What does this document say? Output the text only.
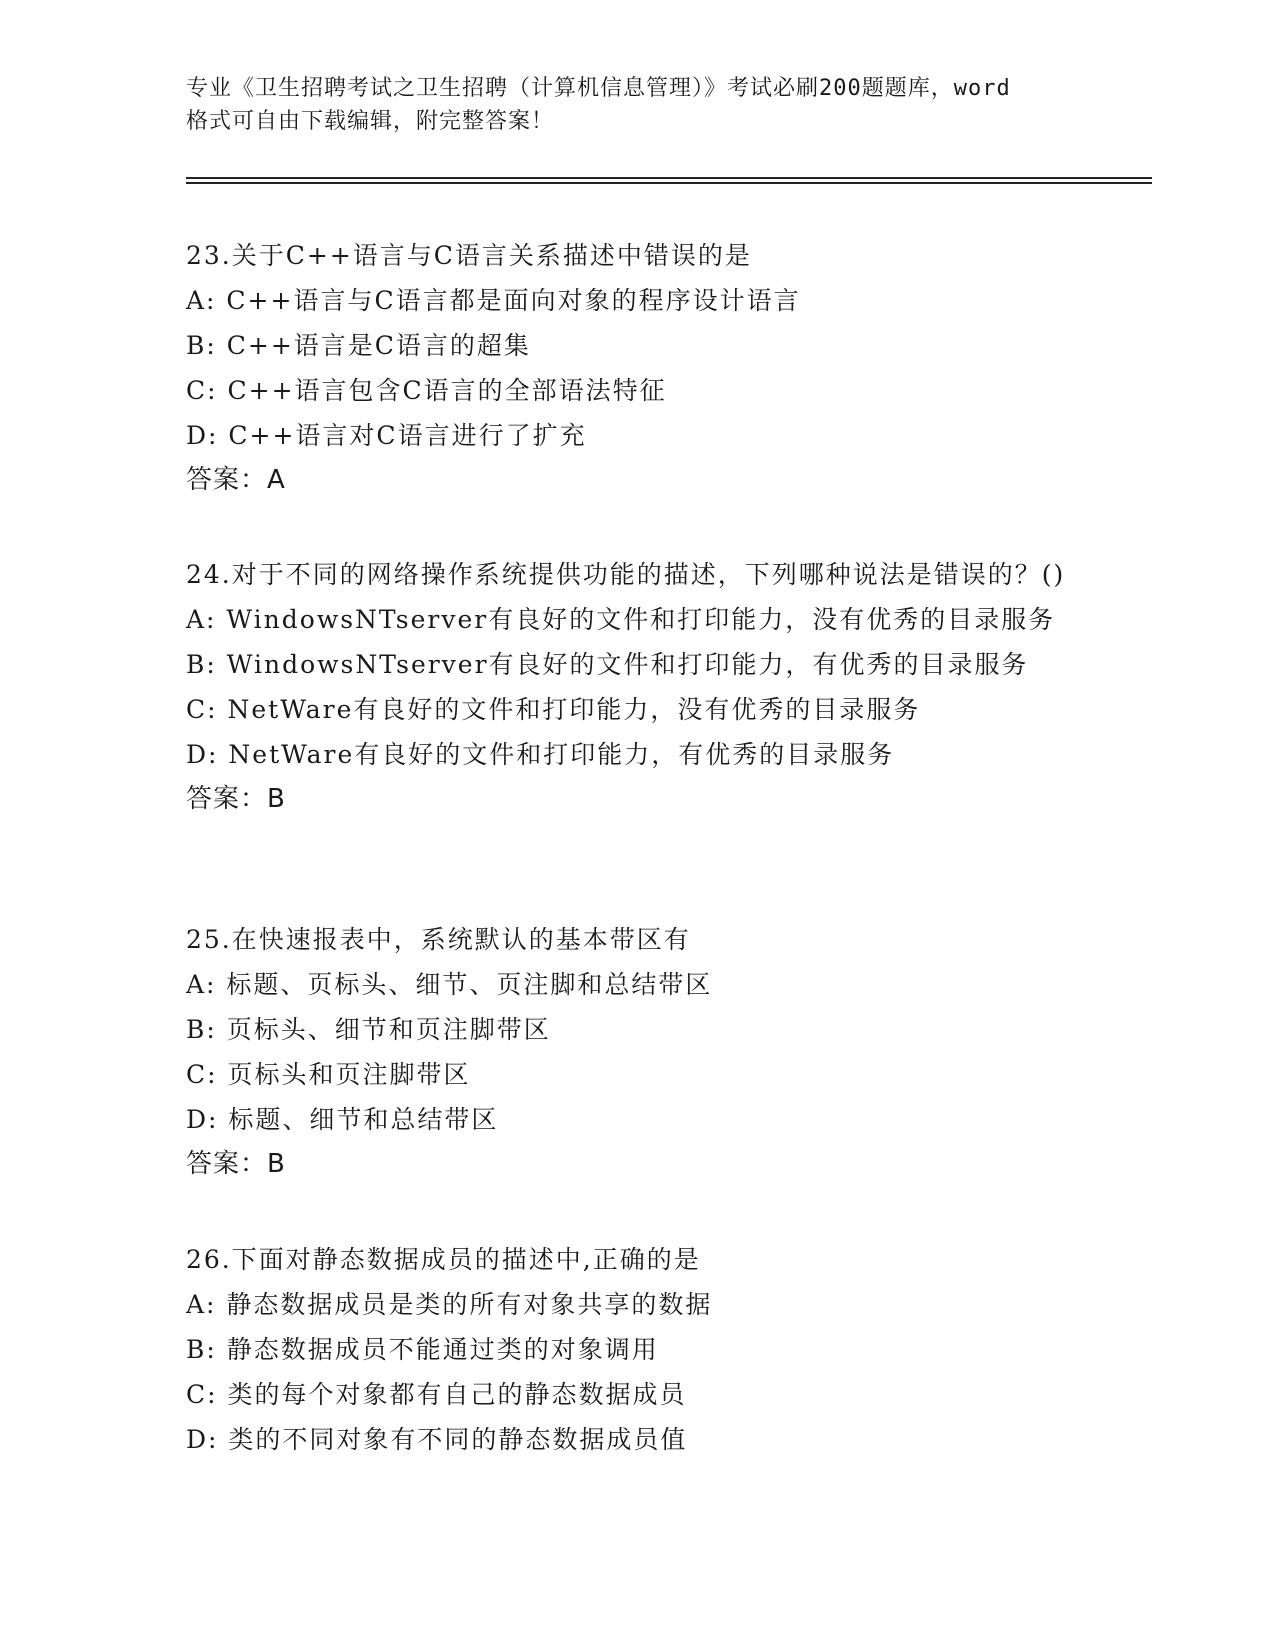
专业《卫生招聘考试之卫生招聘（计算机信息管理）》考试必刷200题题库，word
格式可自由下载编辑，附完整答案！
23.关于C++语言与C语言关系描述中错误的是
A: C++语言与C语言都是面向对象的程序设计语言
B: C++语言是C语言的超集
C: C++语言包含C语言的全部语法特征
D: C++语言对C语言进行了扩充
答案：A
24.对于不同的网络操作系统提供功能的描述，下列哪种说法是错误的？()
A: WindowsNTserver有良好的文件和打印能力，没有优秀的目录服务
B: WindowsNTserver有良好的文件和打印能力，有优秀的目录服务
C: NetWare有良好的文件和打印能力，没有优秀的目录服务
D: NetWare有良好的文件和打印能力，有优秀的目录服务
答案：B
25.在快速报表中，系统默认的基本带区有
A: 标题、页标头、细节、页注脚和总结带区
B: 页标头、细节和页注脚带区
C: 页标头和页注脚带区
D: 标题、细节和总结带区
答案：B
26.下面对静态数据成员的描述中,正确的是
A: 静态数据成员是类的所有对象共享的数据
B: 静态数据成员不能通过类的对象调用
C: 类的每个对象都有自己的静态数据成员
D: 类的不同对象有不同的静态数据成员值
